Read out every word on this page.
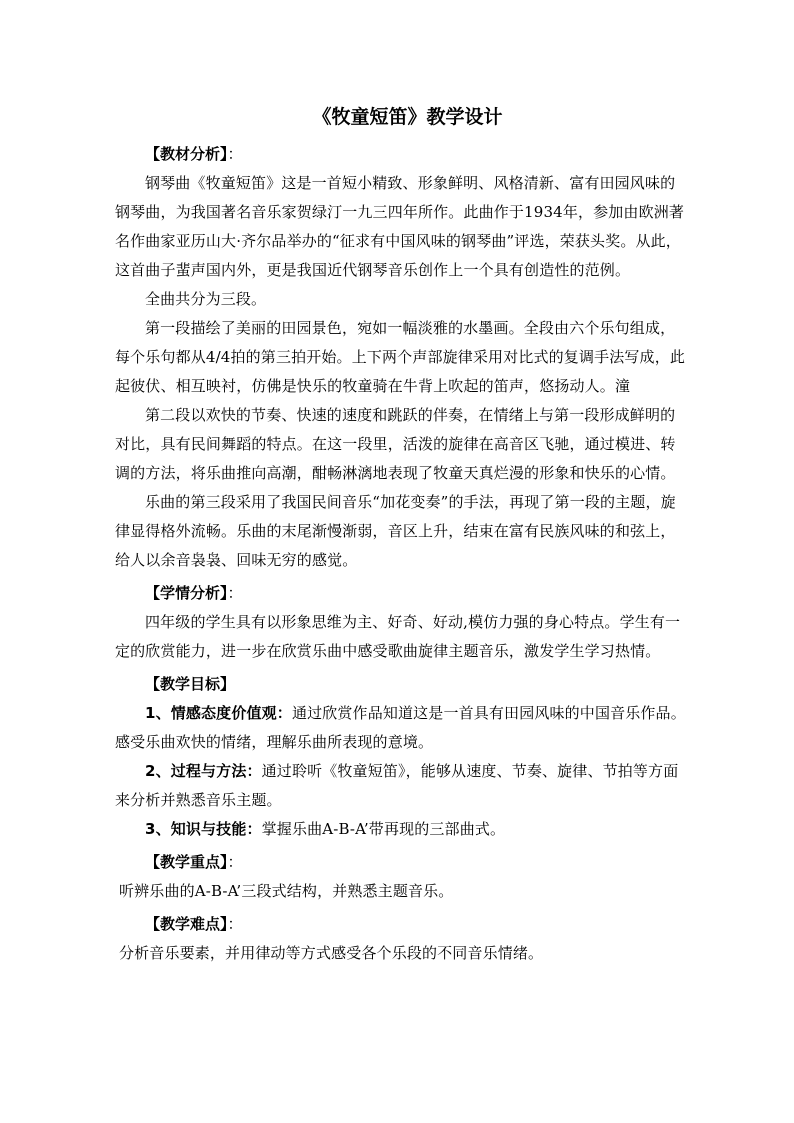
《牧童短笛》教学设计
【教材分析】：

钢琴曲《牧童短笛》这是一首短小精致、形象鲜明、风格清新、富有田园风味的钢琴曲，为我国著名音乐家贺绿汀一九三四年所作。此曲作于1934年，参加由欧洲著名作曲家亚历山大·齐尔品举办的“征求有中国风味的钢琴曲”评选，荣获头奖。从此，这首曲子蜚声国内外，更是我国近代钢琴音乐创作上一个具有创造性的范例。

全曲共分为三段。

第一段描绘了美丽的田园景色，宛如一幅淡雅的水墨画。全段由六个乐句组成，每个乐句都从4/4拍的第三拍开始。上下两个声部旋律采用对比式的复调手法写成，此起彼伏、相互映衬，仿佛是快乐的牧童骑在牛背上吹起的笛声，悠扬动人。潼

第二段以欢快的节奏、快速的速度和跳跃的伴奏，在情绪上与第一段形成鲜明的对比，具有民间舞蹈的特点。在这一段里，活泼的旋律在高音区飞驰，通过模进、转调的方法，将乐曲推向高潮，酣畅淋漓地表现了牧童天真烂漫的形象和快乐的心情。

乐曲的第三段采用了我国民间音乐“加花变奏”的手法，再现了第一段的主题，旋律显得格外流畅。乐曲的末尾渐慢渐弱，音区上升，结束在富有民族风味的和弦上，给人以余音袅袅、回味无穷的感觉。

【学情分析】：

四年级的学生具有以形象思维为主、好奇、好动,模仿力强的身心特点。学生有一定的欣赏能力，进一步在欣赏乐曲中感受歌曲旋律主题音乐，激发学生学习热情。

【教学目标】

1、情感态度价值观：通过欣赏作品知道这是一首具有田园风味的中国音乐作品。感受乐曲欢快的情绪，理解乐曲所表现的意境。

2、过程与方法：通过聆听《牧童短笛》，能够从速度、节奏、旋律、节拍等方面来分析并熟悉音乐主题。

3、知识与技能：掌握乐曲A-B-A’带再现的三部曲式。

【教学重点】：

听辨乐曲的A-B-A’三段式结构，并熟悉主题音乐。

【教学难点】：

分析音乐要素，并用律动等方式感受各个乐段的不同音乐情绪。
